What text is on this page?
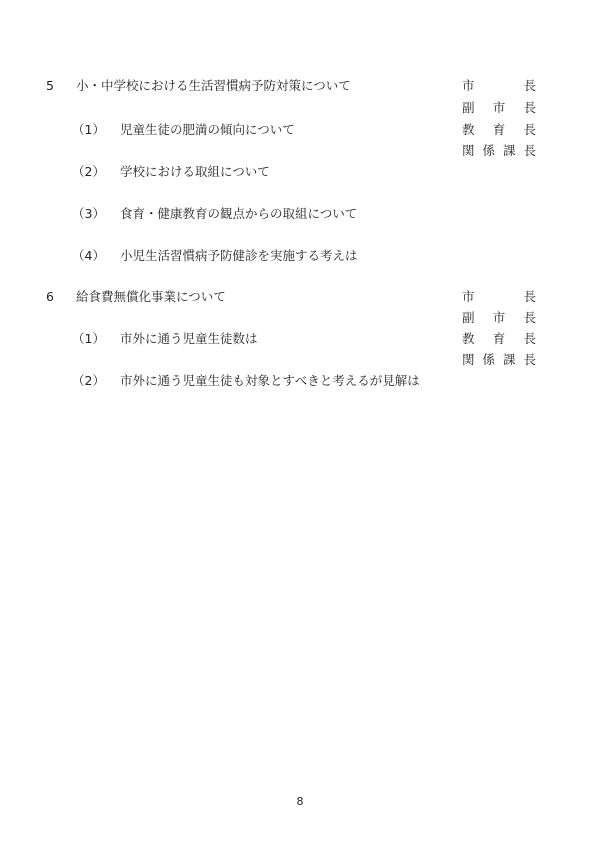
5 小・中学校における生活習慣病予防対策について
（1） 児童生徒の肥満の傾向について
（2） 学校における取組について
（3） 食育・健康教育の観点からの取組について
（4） 小児生活習慣病予防健診を実施する考えは
市	長
副 市 長
教 育 長
関 係 課 長
6 給食費無償化事業について
（1） 市外に通う児童生徒数は
（2） 市外に通う児童生徒も対象とすべきと考えるが見解は
市	長
副 市 長
教 育 長
関 係 課 長
8
